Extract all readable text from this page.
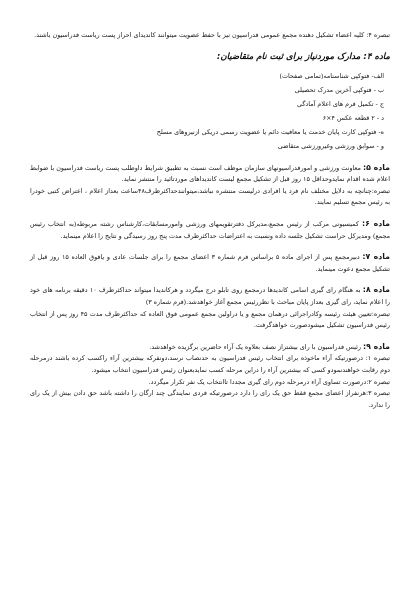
تبصره ۴: کلیه اعضاء تشکیل دهنده مجمع عمومی فدراسیون نیز با حفظ عضویت میتوانند کاندیدای احراز پست ریاست فدراسیون باشند.

ماده ۴: مدارک موردنیاز برای ثبت نام متقاضیان:

الف- فتوکپی شناسنامه(تمامی صفحات)
ب - فتوکپی آخرین مدرک تحصیلی
ج - تکمیل فرم های اعلام آمادگی
د - ۲ قطعه عکس ۴×۶
ه- فتوکپی کارت پایان خدمت یا معافیت دائم یا عضویت رسمی دریکی ازنیروهای مسلح
و - سوابق ورزشی وغیرورزشی متقاضی

ماده ۵: معاونت ورزشی و امورفدراسیونهای سازمان موظف است نسبت به تطبیق شرایط داوطلب پست ریاست فدراسیون با ضوابط اعلام شده اقدام نمایدوحداقل ۱۵ روز قبل از تشکیل مجمع لیست کاندیداهای موردتائید را منتشر نماید.

تبصره:چنانچه به دلایل مختلف نام فرد یا افرادی درلیست منتشره نباشد،میتوانندحداکثرظرف۴۸ساعت بعداز اعلام ، اعتراض کتبی خودرا به رئیس مجمع تسلیم نمایند.

ماده ۶: کمیسیونی مرکب از رئیس مجمع،مدیرکل دفترتقویمهای ورزشی وامورمسابقات،کارشناس رشته مربوطه(به انتخاب رئیس مجمع) ومدیرکل حراست تشکیل جلسه داده ونسبت به اعتراضات حداکثرظرف مدت پنج روز رسیدگی و نتایج را اعلام مینماید.

ماده ۷: دبیرمجمع پس از اجرای ماده ۵ براساس فرم شماره ۳ اعضای مجمع را برای جلسات عادی و یافوق العاده ۱۵ روز قبل از تشکیل مجمع دعوت مینماید.

ماده ۸: به هنگام رای گیری اسامی کاندیدها درمجمع روی تابلو درج میگردد و هرکاندیدا میتواند حداکثرظرف ۱۰ دقیقه برنامه های خود را اعلام نماید، رای گیری بعداز پایان مباحث با نظررئیس مجمع آغاز خواهدشد.(فرم شماره ۳)

تبصره:تعیین هیئت رئیسه وکادراجرائی درهمان مجمع و یا دراولین مجمع عمومی فوق العاده که حداکثرظرف مدت ۴۵ روز پس از انتخاب رئیس فدراسیون تشکیل میشودصورت خواهدگرفت.

ماده ۹: رئیس فدراسیون با رای بیشتراز نصف بعلاوه یک آراء حاضرین برگزیده خواهدشد.

تبصره ۱: درصورتیکه آراء ماخوذه برای انتخاب رئیس فدراسیون به حدنصاب نرسد،دونفرکه بیشترین آراء راکسب کرده باشند درمرحله دوم رقابت خواهندنمودو کسی که بیشترین آراء را دراین مرحله کسب نمایدبعنوان رئیس فدراسیون انتخاب میشود.

تبصره ۲:درصورت تساوی آراء درمرحله دوم رای گیری مجددا تاانتخاب یک نفر تکرار میگردد.

تبصره ۳:هرنفراز اعضای مجمع فقط حق یک رای را دارد درصورتیکه فردی نمایندگی چند ارگان را داشته باشد حق دادن بیش از یک رای را ندارد.
